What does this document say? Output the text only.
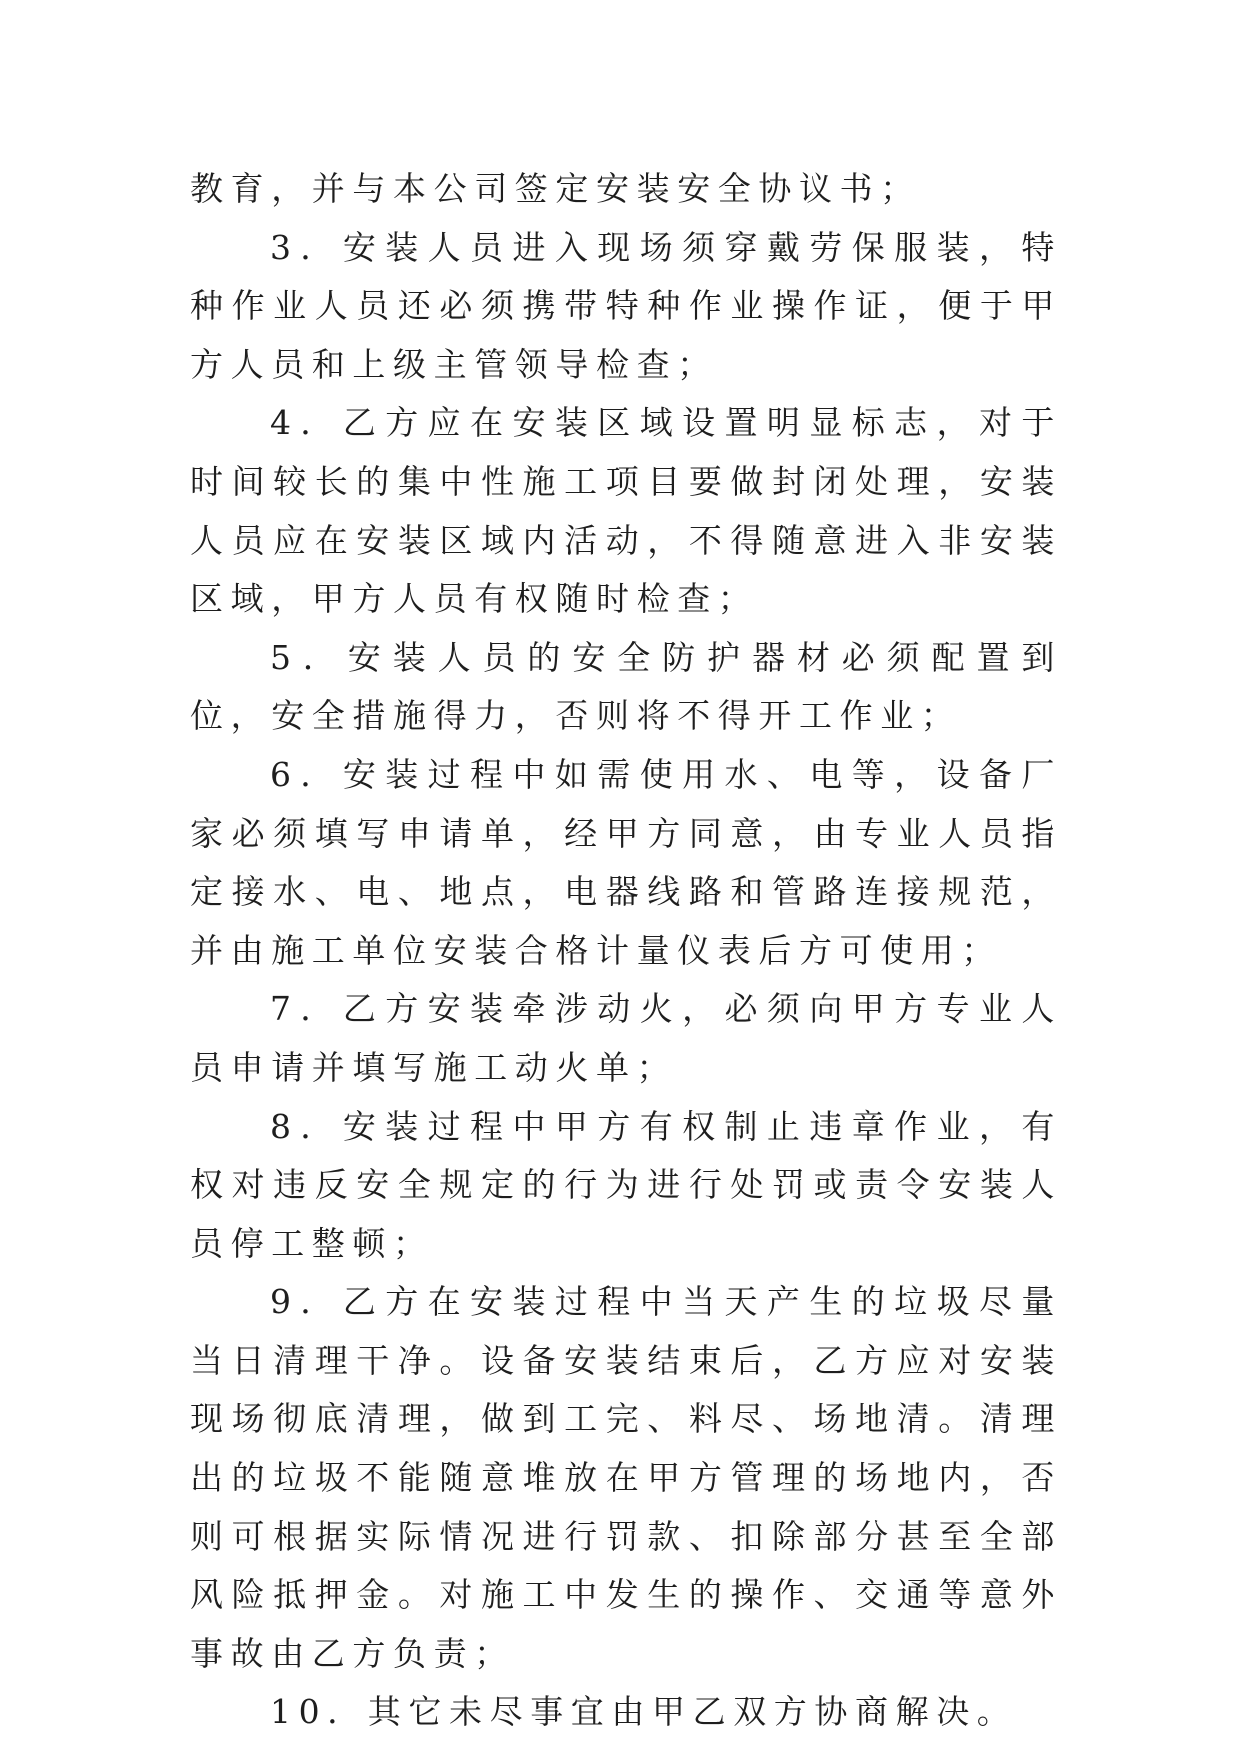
教育，并与本公司签定安装安全协议书；

3．安装人员进入现场须穿戴劳保服装，特种作业人员还必须携带特种作业操作证，便于甲方人员和上级主管领导检查；

4．乙方应在安装区域设置明显标志，对于时间较长的集中性施工项目要做封闭处理，安装人员应在安装区域内活动，不得随意进入非安装区域，甲方人员有权随时检查；

5．安装人员的安全防护器材必须配置到位，安全措施得力，否则将不得开工作业；

6．安装过程中如需使用水、电等，设备厂家必须填写申请单，经甲方同意，由专业人员指定接水、电、地点，电器线路和管路连接规范，并由施工单位安装合格计量仪表后方可使用；

7．乙方安装牵涉动火，必须向甲方专业人员申请并填写施工动火单；

8．安装过程中甲方有权制止违章作业，有权对违反安全规定的行为进行处罚或责令安装人员停工整顿；

9．乙方在安装过程中当天产生的垃圾尽量当日清理干净。设备安装结束后，乙方应对安装现场彻底清理，做到工完、料尽、场地清。清理出的垃圾不能随意堆放在甲方管理的场地内，否则可根据实际情况进行罚款、扣除部分甚至全部风险抵押金。对施工中发生的操作、交通等意外事故由乙方负责；

10．其它未尽事宜由甲乙双方协商解决。
